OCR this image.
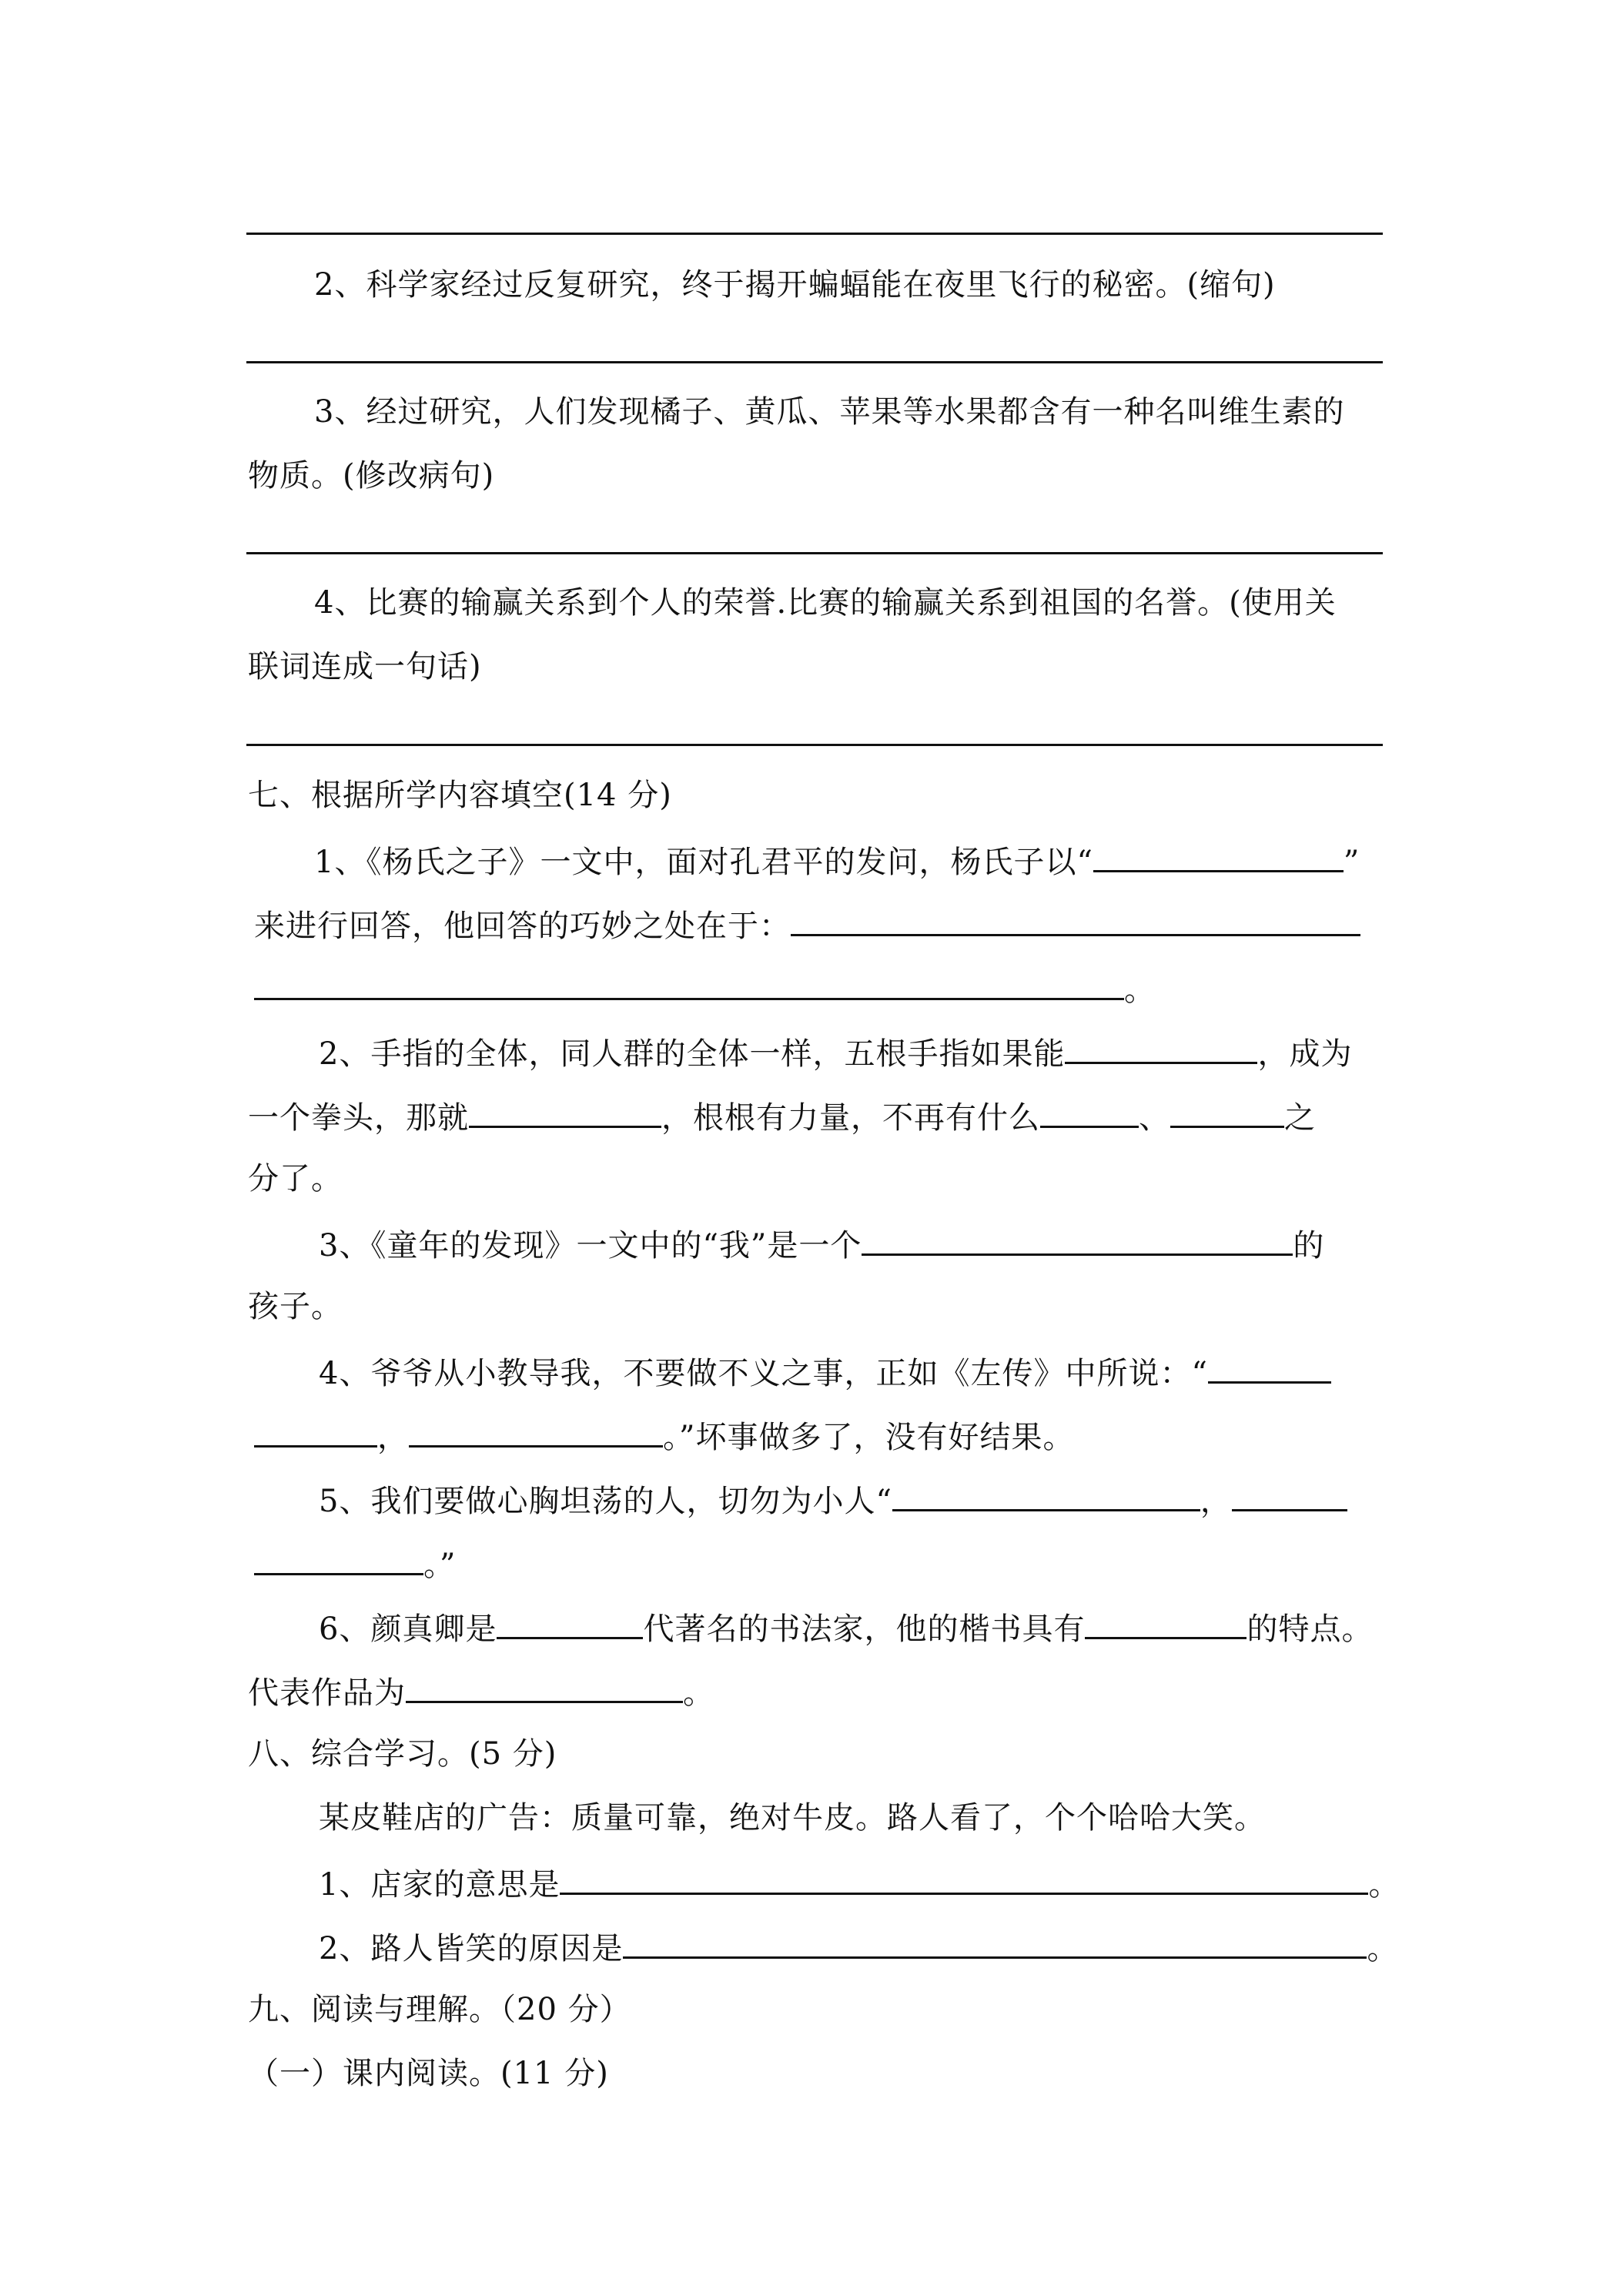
2、科学家经过反复研究，终于揭开蝙蝠能在夜里飞行的秘密。(缩句)
3、经过研究，人们发现橘子、黄瓜、苹果等水果都含有一种名叫维生素的
物质。(修改病句)
4、比赛的输赢关系到个人的荣誉.比赛的输赢关系到祖国的名誉。(使用关
联词连成一句话)
七、根据所学内容填空(14 分)
1、《杨氏之子》一文中，面对孔君平的发问，杨氏子以“	”
来进行回答，他回答的巧妙之处在于：
。
2、手指的全体，同人群的全体一样，五根手指如果能	，成为
一个拳头，那就	，根根有力量，不再有什么	、	之
分了。
3、《童年的发现》一文中的“我”是一个	的
孩子。
4、爷爷从小教导我，不要做不义之事，正如《左传》中所说：“
，	。”坏事做多了，没有好结果。
5、我们要做心胸坦荡的人，切勿为小人“	，
。”
6、颜真卿是	代著名的书法家，他的楷书具有	的特点。
代表作品为	。
八、综合学习。(5 分)
某皮鞋店的广告：质量可靠，绝对牛皮。路人看了，个个哈哈大笑。
1、店家的意思是	。
2、路人皆笑的原因是	。
九、阅读与理解。（20 分）
（一）课内阅读。(11 分)
